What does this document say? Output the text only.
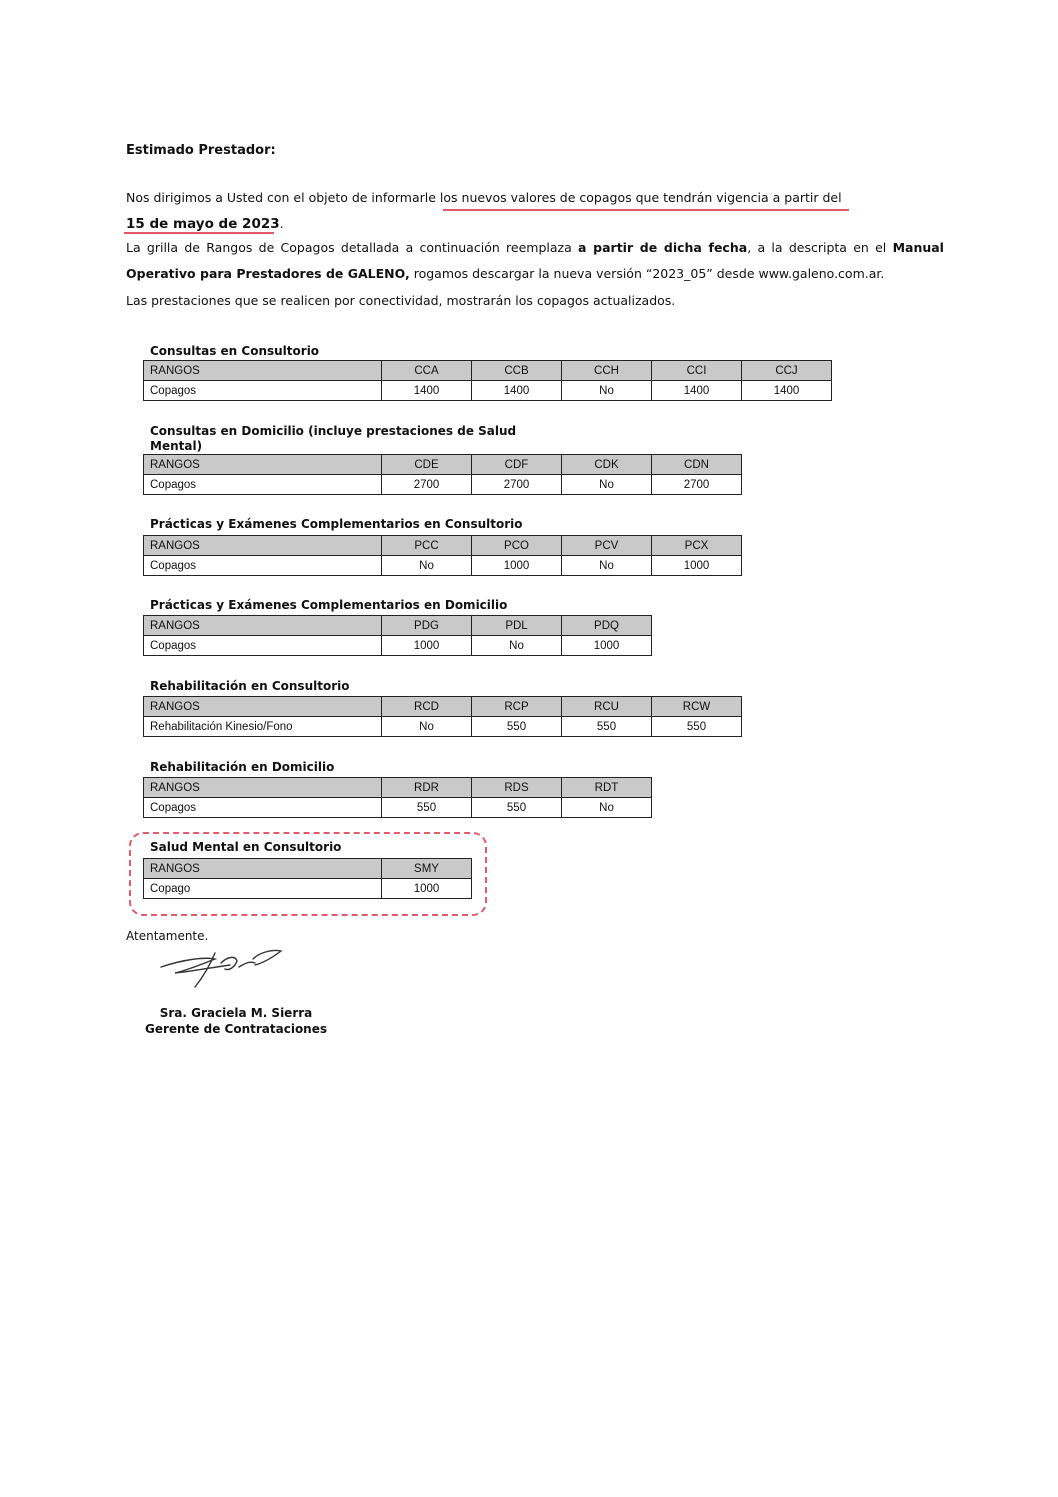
Estimado Prestador:
Nos dirigimos a Usted con el objeto de informarle los nuevos valores de copagos que tendrán vigencia a partir del
15 de mayo de 2023.
La grilla de Rangos de Copagos detallada a continuación reemplaza a partir de dicha fecha, a la descripta en el Manual Operativo para Prestadores de GALENO, rogamos descargar la nueva versión “2023_05” desde www.galeno.com.ar.
Las prestaciones que se realicen por conectividad, mostrarán los copagos actualizados.
Consultas en Consultorio
RANGOS	CCA	CCB	CCH	CCI	CCJ
Copagos	1400	1400	No	1400	1400
Consultas en Domicilio (incluye prestaciones de Salud Mental)
RANGOS	CDE	CDF	CDK	CDN
Copagos	2700	2700	No	2700
Prácticas y Exámenes Complementarios en Consultorio
RANGOS	PCC	PCO	PCV	PCX
Copagos	No	1000	No	1000
Prácticas y Exámenes Complementarios en Domicilio
RANGOS	PDG	PDL	PDQ
Copagos	1000	No	1000
Rehabilitación en Consultorio
RANGOS	RCD	RCP	RCU	RCW
Rehabilitación Kinesio/Fono	No	550	550	550
Rehabilitación en Domicilio
RANGOS	RDR	RDS	RDT
Copagos	550	550	No
Salud Mental en Consultorio
RANGOS	SMY
Copago	1000
Atentamente.
Sra. Graciela M. Sierra
Gerente de Contrataciones
